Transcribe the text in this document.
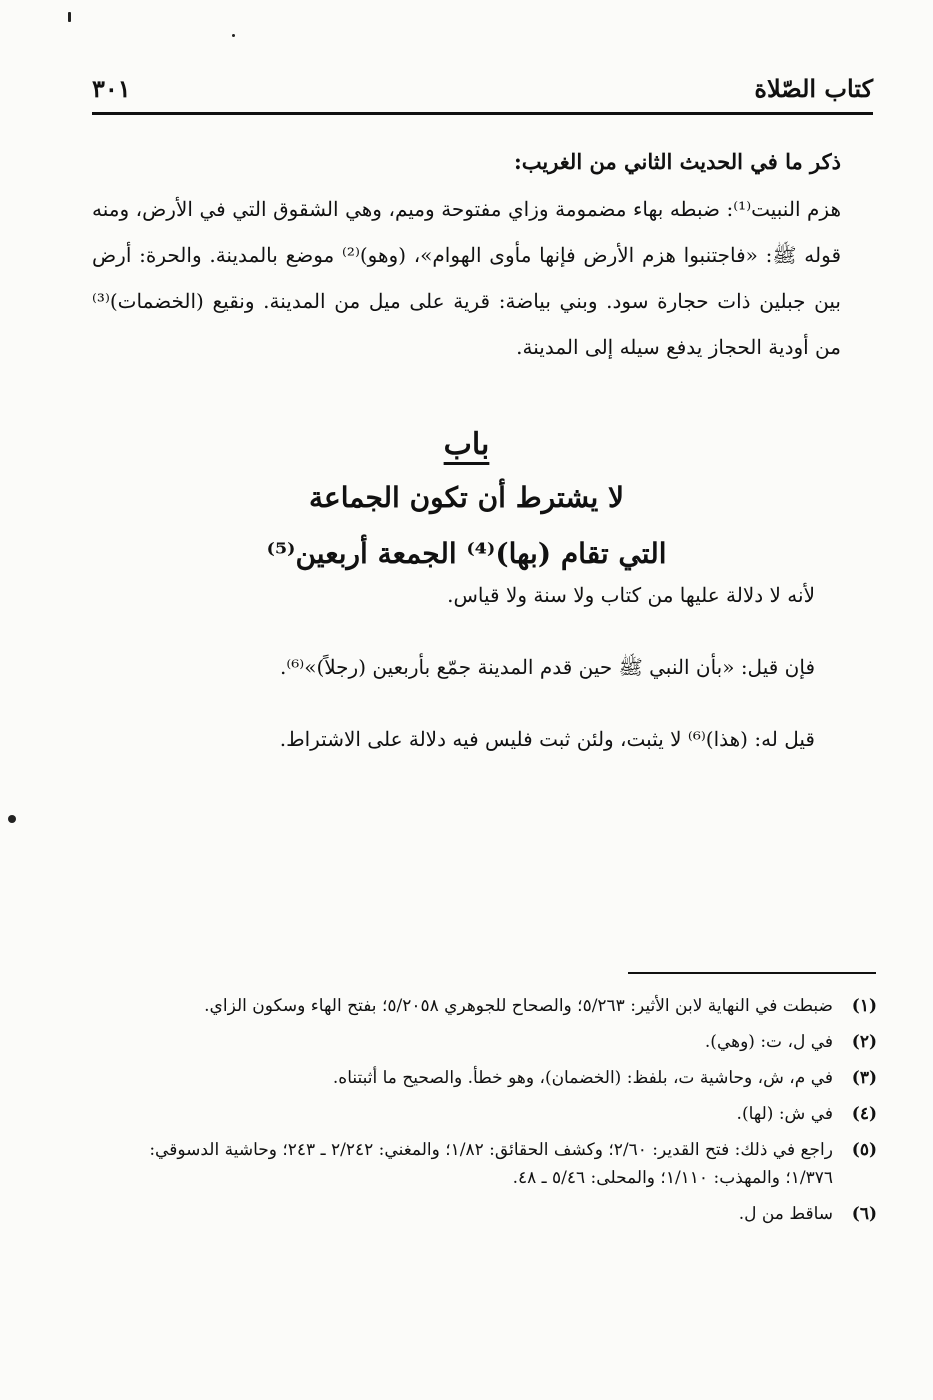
كتاب الصّلاة
٣٠١

ذكر ما في الحديث الثاني من الغريب:

هزم النبيت⁽¹⁾: ضبطه بهاء مضمومة وزاي مفتوحة وميم، وهي الشقوق التي في الأرض، ومنه قوله ﷺ: «فاجتنبوا هزم الأرض فإنها مأوى الهوام»، (وهو)⁽²⁾ موضع بالمدينة. والحرة: أرض بين جبلين ذات حجارة سود. وبني بياضة: قرية على ميل من المدينة. ونقيع (الخضمات)⁽³⁾ من أودية الحجاز يدفع سيله إلى المدينة.

باب
لا يشترط أن تكون الجماعة
التي تقام (بها)⁽⁴⁾ الجمعة أربعين⁽⁵⁾

لأنه لا دلالة عليها من كتاب ولا سنة ولا قياس.

فإن قيل: «بأن النبي ﷺ حين قدم المدينة جمّع بأربعين (رجلاً)»⁽⁶⁾.

قيل له: (هذا)⁽⁶⁾ لا يثبت، ولئن ثبت فليس فيه دلالة على الاشتراط.

(١)
ضبطت في النهاية لابن الأثير: ٥/٢٦٣؛ والصحاح للجوهري ٥/٢٠٥٨؛ بفتح الهاء وسكون الزاي.
(٢)
في ل، ت: (وهي).
(٣)
في م، ش، وحاشية ت، بلفظ: (الخضمان)، وهو خطأ. والصحيح ما أثبتناه.
(٤)
في ش: (لها).
(٥)
راجع في ذلك: فتح القدير: ٢/٦٠؛ وكشف الحقائق: ١/٨٢؛ والمغني: ٢/٢٤٢ ـ ٢٤٣؛ وحاشية الدسوقي: ١/٣٧٦؛ والمهذب: ١/١١٠؛ والمحلى: ٥/٤٦ ـ ٤٨.
(٦)
ساقط من ل.
